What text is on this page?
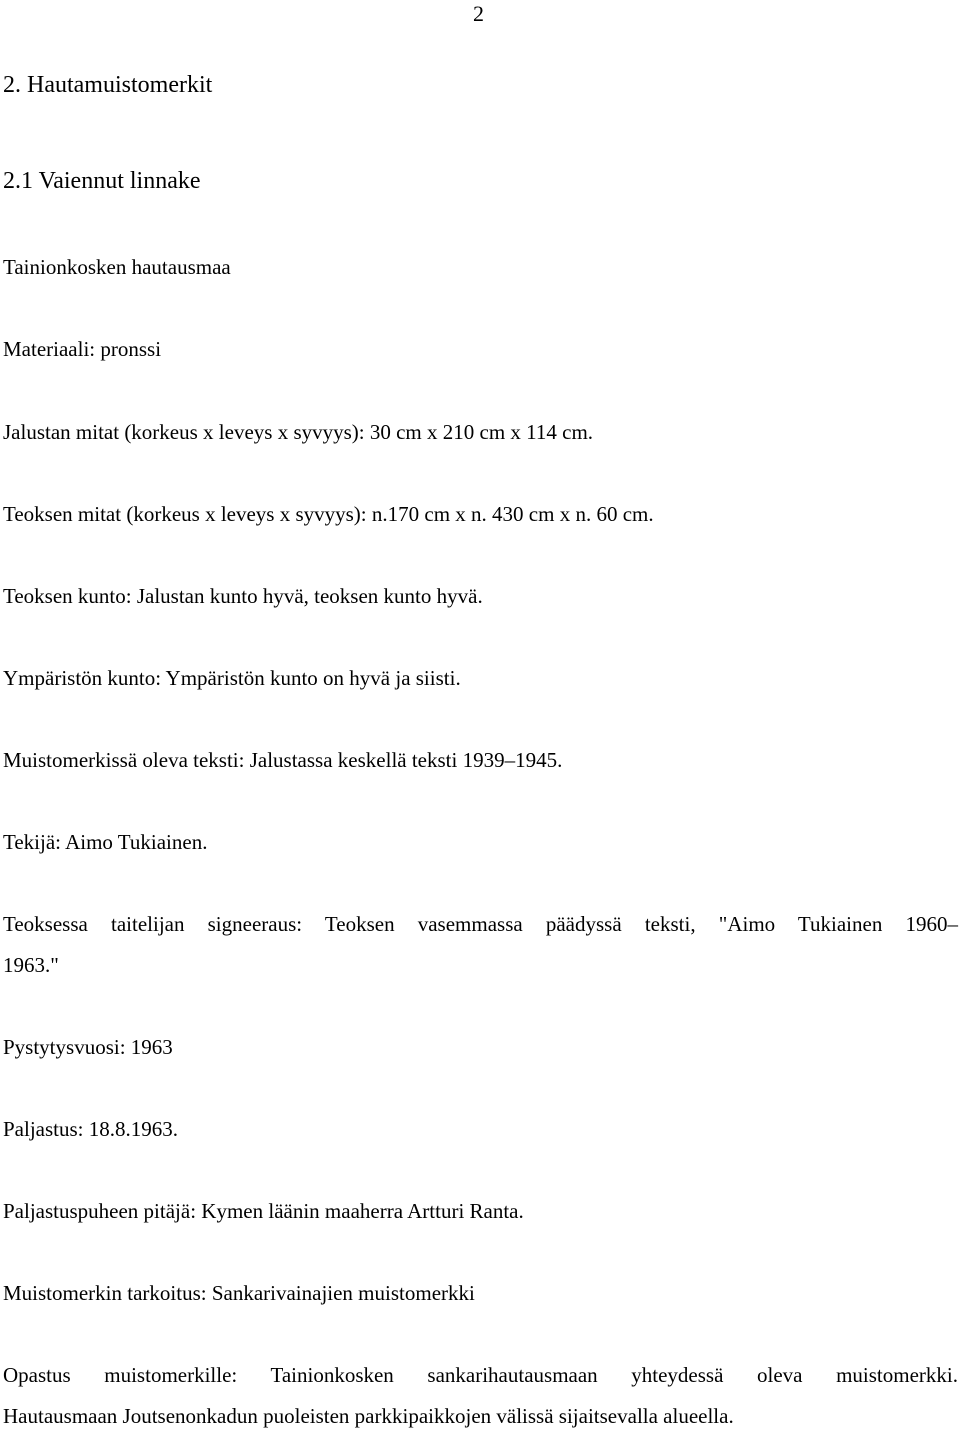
2
2. Hautamuistomerkit
2.1 Vaiennut linnake

Tainionkosken hautausmaa

Materiaali: pronssi

Jalustan mitat (korkeus x leveys x syvyys): 30 cm x 210 cm x 114 cm.

Teoksen mitat (korkeus x leveys x syvyys): n.170 cm x n. 430 cm x n. 60 cm.

Teoksen kunto: Jalustan kunto hyvä, teoksen kunto hyvä.

Ympäristön kunto: Ympäristön kunto on hyvä ja siisti.

Muistomerkissä oleva teksti: Jalustassa keskellä teksti 1939–1945.

Tekijä: Aimo Tukiainen.

Teoksessa taitelijan signeeraus: Teoksen vasemmassa päädyssä teksti, "Aimo Tukiainen 1960–

1963."

Pystytysvuosi: 1963

Paljastus: 18.8.1963.

Paljastuspuheen pitäjä: Kymen läänin maaherra Artturi Ranta.

Muistomerkin tarkoitus: Sankarivainajien muistomerkki

Opastus muistomerkille: Tainionkosken sankarihautausmaan yhteydessä oleva muistomerkki.

Hautausmaan Joutsenonkadun puoleisten parkkipaikkojen välissä sijaitsevalla alueella.
